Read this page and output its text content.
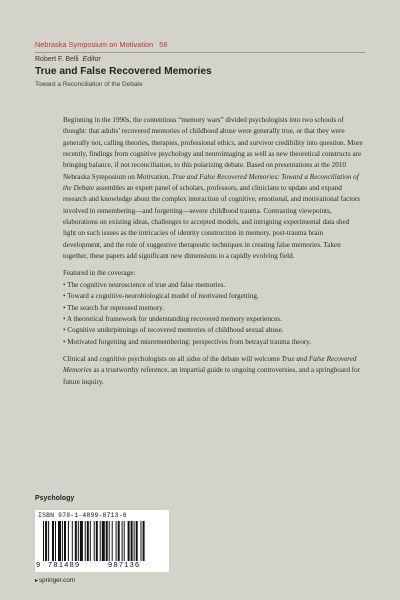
Nebraska Symposium on Motivation 58
Robert F. Belli Editor
True and False Recovered Memories
Toward a Reconciliation of the Debate

Beginning in the 1990s, the contentious “memory wars” divided psychologists into two schools of thought: that adults’ recovered memories of childhood abuse were generally true, or that they were generally not, calling theories, therapies, professional ethics, and survivor credibility into question. More recently, findings from cognitive psychology and neuroimaging as well as new theoretical constructs are bringing balance, if not reconciliation, to this polarizing debate. Based on presentations at the 2010 Nebraska Symposium on Motivation, True and False Recovered Memories: Toward a Reconciliation of the Debate assembles an expert panel of scholars, professors, and clinicians to update and expand research and knowledge about the complex interaction of cognitive, emotional, and motivational factors involved in remembering—and forgetting—severe childhood trauma. Contrasting viewpoints, elaborations on existing ideas, challenges to accepted models, and intriguing experimental data shed light on such issues as the intricacies of identity construction in memory, post-trauma brain development, and the role of suggestive therapeutic techniques in creating false memories. Taken together, these papers add significant new dimensions to a rapidly evolving field.

Featured in the coverage:
• The cognitive neuroscience of true and false memories.
• Toward a cognitive-neurobiological model of motivated forgetting.
• The search for repressed memory.
• A theoretical framework for understanding recovered memory experiences.
• Cognitive underpinnings of recovered memories of childhood sexual abuse.
• Motivated forgetting and misremembering: perspectives from betrayal trauma theory.

Clinical and cognitive psychologists on all sides of the debate will welcome True and False Recovered Memories as a trustworthy reference, an impartial guide to ongoing controversies, and a springboard for future inquiry.

Psychology
ISBN 978-1-4899-8713-6
9 781489	987136
▸springer.com
